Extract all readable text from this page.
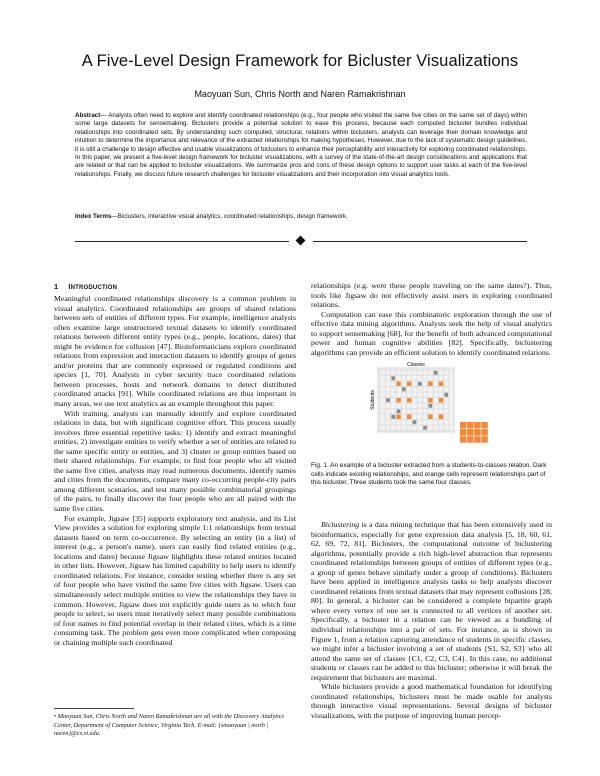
A Five-Level Design Framework for Bicluster Visualizations
Maoyuan Sun, Chris North and Naren Ramakrishnan
Abstract— Analysts often need to explore and identify coordinated relationships (e.g., four people who visited the same five cities on the same set of days) within some large datasets for sensemaking. Biclusters provide a potential solution to ease this process, because each computed bicluster bundles individual relationships into coordinated sets. By understanding such computed, structural, relations within biclusters, analysts can leverage their domain knowledge and intuition to determine the importance and relevance of the extracted relationships for making hypotheses. However, due to the lack of systematic design guidelines, it is still a challenge to design effective and usable visualizations of biclusters to enhance their perceptability and interactivity for exploring coordinated relationships. In this paper, we present a five-level design framework for bicluster visualizations, with a survey of the state-of-the-art design considerations and applications that are related or that can be applied to bicluster visualizations. We summarize pros and cons of these design options to support user tasks at each of the five-level relationships. Finally, we discuss future research challenges for bicluster visualizations and their incorporation into visual analytics tools.
Index Terms—Biclusters, interactive visual analytics, coordinated relationships, design framework.
1 INTRODUCTION

Meaningful coordinated relationships discovery is a common problem in visual analytics. Coordinated relationships are groups of shared relations between sets of entities of different types. For example, intelligence analysts often examine large unstructured textual datasets to identify coordinated relations between different entity types (e.g., people, locations, dates) that might be evidence for collusion [47]. Bioinformaticians explore coordinated relations from expression and interaction datasets to identify groups of genes and/or proteins that are commonly expressed or regulated conditions and species [1, 70]. Analysts in cyber security trace coordinated relations between processes, hosts and network domains to detect distributed coordinated attacks [91]. While coordinated relations are thus important in many areas, we use text analytics as an example throughout this paper.

With training, analysts can manually identify and explore coordinated relations in data, but with significant cognitive effort. This process usually involves three essential repetitive tasks: 1) identify and extract meaningful entities, 2) investigate entities to verify whether a set of entities are related to the same specific entity or entities, and 3) cluster or group entities based on their shared relationships. For example, to find four people who all visited the same five cities, analysts may read numerous documents, identify names and cities from the documents, compare many co-occurring people-city pairs among different scenarios, and test many possible combinatorial groupings of the pairs, to finally discover the four people who are all paired with the same five cities.

For example, Jigsaw [35] supports exploratory text analysis, and its List View provides a solution for exploring simple 1:1 relationships from textual datasets based on term co-occurrence. By selecting an entity (in a list) of interest (e.g., a person's name), users can easily find related entities (e.g., locations and dates) because Jigsaw highlights these related entities located in other lists. However, Jigsaw has limited capability to help users to identify coordinated relations. For instance, consider testing whether there is any set of four people who have visited the same five cities with Jigsaw. Users can simultaneously select multiple entities to view the relationships they have in common. However, Jigsaw does not explicitly guide users as to which four people to select, so users must iteratively select many possible combinations of four names to find potential overlap in their related cities, which is a time consuming task. The problem gets even more complicated when composing or chaining multiple such coordinated

• Maoyuan Sun, Chris North and Naren Ramakrishnan are all with the Discovery Analytics Center, Department of Computer Science, Virginia Tech. E-mail: {smaoyuan | north | naren}@cs.vt.edu.

relationships (e.g. were these people traveling on the same dates?). Thus, tools like Jigsaw do not effectively assist users in exploring coordinated relations.

Computation can ease this combinatoric exploration through the use of effective data mining algorithms. Analysts seek the help of visual analytics to support sensemaking [68], for the benefit of both advanced computational power and human cognitive abilities [82]. Specifically, biclustering algorithms can provide an efficient solution to identify coordinated relations.

Classes
Students
Fig. 1. An example of a bicluster extracted from a students-to-classes relation. Dark cells indicate existing relationships, and orange cells represent relationships part of this bicluster. Three students took the same four classes.

Biclustering is a data mining technique that has been extensively used in bioinformatics, especially for gene expression data analysis [5, 18, 60, 61, 62, 69, 72, 81]. Biclusters, the computational outcome of biclustering algorithms, potentially provide a rich high-level abstraction that represents coordinated relationships between groups of entities of different types (e.g., a group of genes behave similarly under a group of conditions). Biclusters have been applied in intelligence analysis tasks to help analysts discover coordinated relations from textual datasets that may represent collusions [28, 80]. In general, a bicluster can be considered a complete bipartite graph where every vertex of one set is connected to all vertices of another set. Specifically, a bicluster in a relation can be viewed as a bundling of individual relationships into a pair of sets. For instance, as is shown in Figure 1, from a relation capturing attendance of students in specific classes, we might infer a bicluster involving a set of students {S1, S2, S3} who all attend the same set of classes {C1, C2, C3, C4}. In this case, no additional students or classes can be added to this bicluster; otherwise it will break the requirement that biclusters are maximal.

While biclusters provide a good mathematical foundation for identifying coordinated relationships, biclusters must be made usable for analysts through interactive visual representations. Several designs of bicluster visualizations, with the purpose of improving human percep-
